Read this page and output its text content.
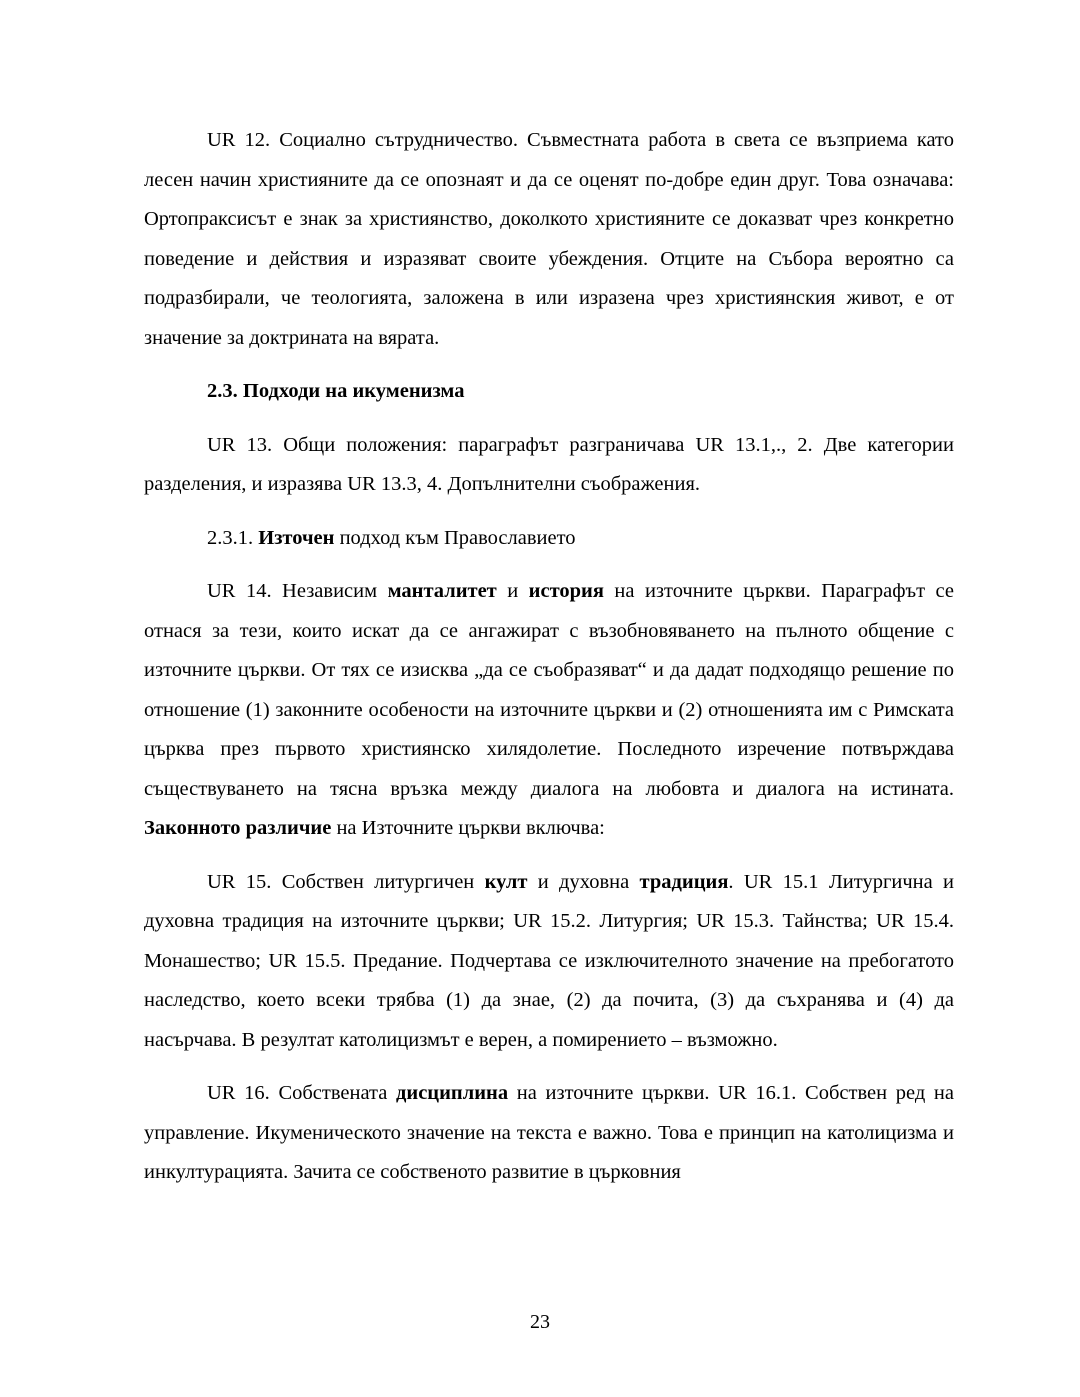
UR 12. Социално сътрудничество. Съвместната работа в света се възприема като лесен начин християните да се опознаят и да се оценят по-добре един друг. Това означава: Ортопраксисът е знак за християнство, доколкото християните се доказват чрез конкретно поведение и действия и изразяват своите убеждения. Отците на Събора вероятно са подразбирали, че теологията, заложена в или изразена чрез християнския живот, е от значение за доктрината на вярата.

2.3. Подходи на икуменизма

UR 13. Общи положения: параграфът разграничава UR 13.1,., 2. Две категории разделения, и изразява UR 13.3, 4. Допълнителни съображения.

2.3.1. Източен подход към Православието

UR 14. Независим манталитет и история на източните църкви. Параграфът се отнася за тези, които искат да се ангажират с възобновяването на пълното общение с източните църкви. От тях се изисква „да се съобразяват“ и да дадат подходящо решение по отношение (1) законните особености на източните църкви и (2) отношенията им с Римската църква през първото християнско хилядолетие. Последното изречение потвърждава съществуването на тясна връзка между диалога на любовта и диалога на истината. Законното различие на Източните църкви включва:

UR 15. Собствен литургичен култ и духовна традиция. UR 15.1 Литургична и духовна традиция на източните църкви; UR 15.2. Литургия; UR 15.3. Тайнства; UR 15.4. Монашество; UR 15.5. Предание. Подчертава се изключителното значение на пребогатото наследство, което всеки трябва (1) да знае, (2) да почита, (3) да съхранява и (4) да насърчава. В резултат католицизмът е верен, а помирението – възможно.

UR 16. Собствената дисциплина на източните църкви. UR 16.1. Собствен ред на управление. Икуменическото значение на текста е важно. Това е принцип на католицизма и инкултурацията. Зачита се собственото развитие в църковния

23
